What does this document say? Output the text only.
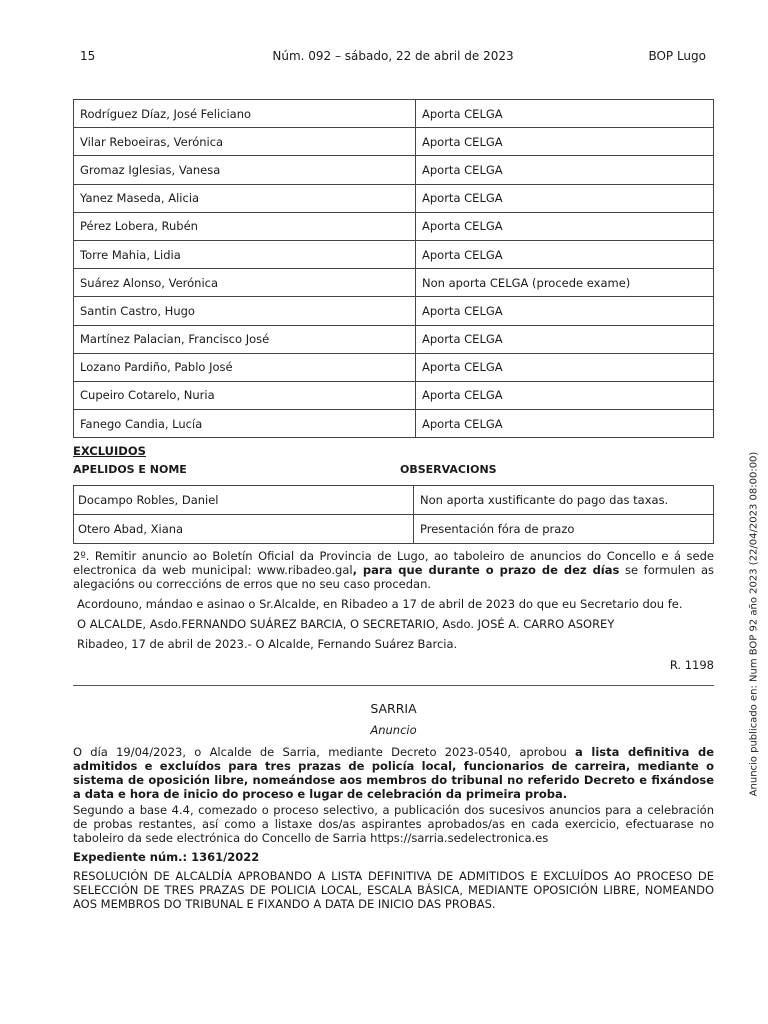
15	Núm. 092 – sábado, 22 de abril de 2023	BOP Lugo
Rodríguez Díaz, José Feliciano	Aporta CELGA
Vilar Reboeiras, Verónica	Aporta CELGA
Gromaz Iglesias, Vanesa	Aporta CELGA
Yanez Maseda, Alicia	Aporta CELGA
Pérez Lobera, Rubén	Aporta CELGA
Torre Mahia, Lidia	Aporta CELGA
Suárez Alonso, Verónica	Non aporta CELGA (procede exame)
Santin Castro, Hugo	Aporta CELGA
Martínez Palacian, Francisco José	Aporta CELGA
Lozano Pardiño, Pablo José	Aporta CELGA
Cupeiro Cotarelo, Nuria	Aporta CELGA
Fanego Candia, Lucía	Aporta CELGA
EXCLUIDOS
APELIDOS E NOME	OBSERVACIONS
Docampo Robles, Daniel	Non aporta xustificante do pago das taxas.
Otero Abad, Xiana	Presentación fóra de prazo
2º. Remitir anuncio ao Boletín Oficial da Provincia de Lugo, ao taboleiro de anuncios do Concello e á sede electronica da web municipal: www.ribadeo.gal, para que durante o prazo de dez días se formulen as alegacións ou correccións de erros que no seu caso procedan.
Acordouno, mándao e asinao o Sr.Alcalde, en Ribadeo a 17 de abril de 2023 do que eu Secretario dou fe.
O ALCALDE, Asdo.FERNANDO SUÁREZ BARCIA, O SECRETARIO, Asdo. JOSÉ A. CARRO ASOREY
Ribadeo, 17 de abril de 2023.- O Alcalde, Fernando Suárez Barcia.
R. 1198
SARRIA
Anuncio
O día 19/04/2023, o Alcalde de Sarria, mediante Decreto 2023-0540, aprobou a lista definitiva de admitidos e excluídos para tres prazas de policía local, funcionarios de carreira, mediante o sistema de oposición libre, nomeándose aos membros do tribunal no referido Decreto e fixándose a data e hora de inicio do proceso e lugar de celebración da primeira proba.
Segundo a base 4.4, comezado o proceso selectivo, a publicación dos sucesivos anuncios para a celebración de probas restantes, así como a listaxe dos/as aspirantes aprobados/as en cada exercicio, efectuarase no taboleiro da sede electrónica do Concello de Sarria https://sarria.sedelectronica.es
Expediente núm.: 1361/2022
RESOLUCIÓN DE ALCALDÍA APROBANDO A LISTA DEFINITIVA DE ADMITIDOS E EXCLUÍDOS AO PROCESO DE SELECCIÓN DE TRES PRAZAS DE POLICIA LOCAL, ESCALA BÁSICA, MEDIANTE OPOSICIÓN LIBRE, NOMEANDO AOS MEMBROS DO TRIBUNAL E FIXANDO A DATA DE INICIO DAS PROBAS.
Anuncio publicado en: Num BOP 92 año 2023 (22/04/2023 08:00:00)
